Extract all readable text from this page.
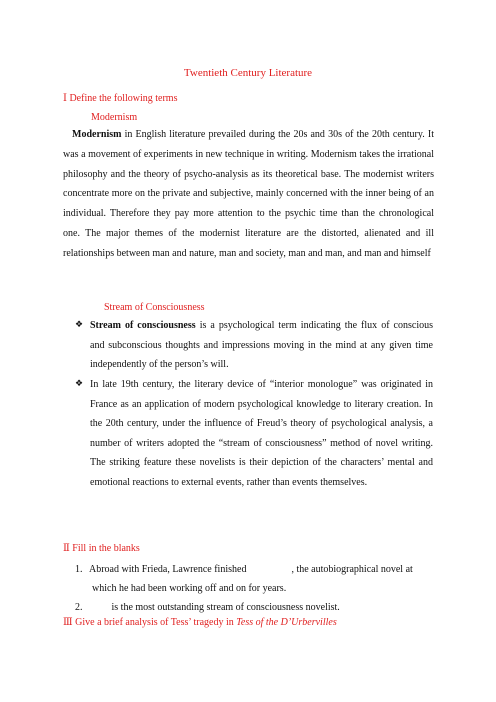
Twentieth Century Literature
Ⅰ Define the following terms
Modernism
Modernism in English literature prevailed during the 20s and 30s of the 20th century. It was a movement of experiments in new technique in writing. Modernism takes the irrational philosophy and the theory of psycho-analysis as its theoretical base. The modernist writers concentrate more on the private and subjective, mainly concerned with the inner being of an individual. Therefore they pay more attention to the psychic time than the chronological one. The major themes of the modernist literature are the distorted, alienated and ill relationships between man and nature, man and society, man and man, and man and himself
Stream of Consciousness
❖ Stream of consciousness is a psychological term indicating the flux of conscious and subconscious thoughts and impressions moving in the mind at any given time independently of the person’s will.

❖ In late 19th century, the literary device of “interior monologue” was originated in France as an application of modern psychological knowledge to literary creation. In the 20th century, under the influence of Freud’s theory of psychological analysis, a number of writers adopted the “stream of consciousness” method of novel writing. The striking feature these novelists is their depiction of the characters’ mental and emotional reactions to external events, rather than events themselves.

Ⅱ Fill in the blanks
1. Abroad with Frieda, Lawrence finished	, the autobiographical novel at
which he had been working off and on for years.
2.	is the most outstanding stream of consciousness novelist.
Ⅲ Give a brief analysis of Tess’ tragedy in Tess of the D’Urbervilles
